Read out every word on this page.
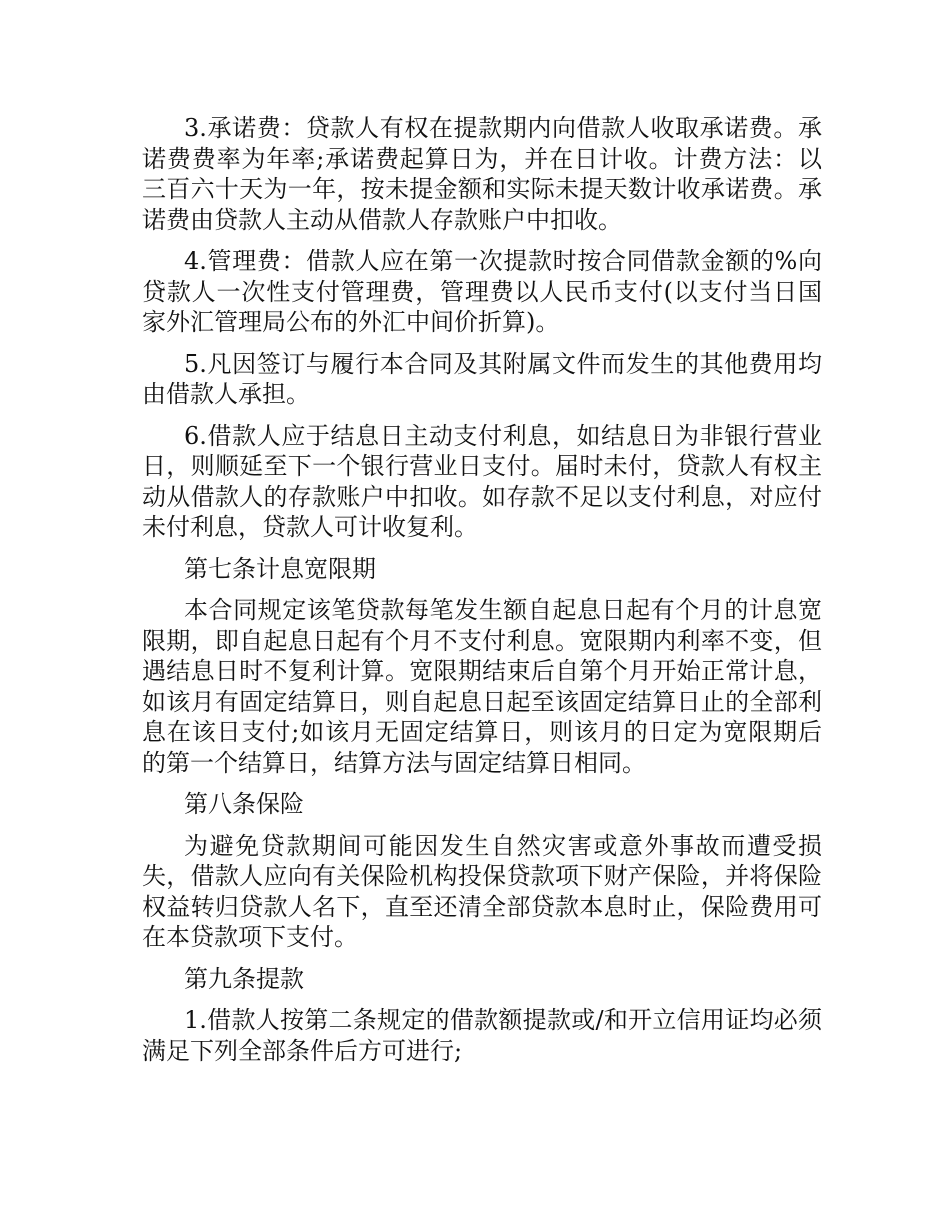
3.承诺费：贷款人有权在提款期内向借款人收取承诺费。承诺费费率为年率;承诺费起算日为，并在日计收。计费方法：以三百六十天为一年，按未提金额和实际未提天数计收承诺费。承诺费由贷款人主动从借款人存款账户中扣收。

4.管理费：借款人应在第一次提款时按合同借款金额的%向贷款人一次性支付管理费，管理费以人民币支付(以支付当日国家外汇管理局公布的外汇中间价折算)。

5.凡因签订与履行本合同及其附属文件而发生的其他费用均由借款人承担。

6.借款人应于结息日主动支付利息，如结息日为非银行营业日，则顺延至下一个银行营业日支付。届时未付，贷款人有权主动从借款人的存款账户中扣收。如存款不足以支付利息，对应付未付利息，贷款人可计收复利。

第七条计息宽限期

本合同规定该笔贷款每笔发生额自起息日起有个月的计息宽限期，即自起息日起有个月不支付利息。宽限期内利率不变，但遇结息日时不复利计算。宽限期结束后自第个月开始正常计息，如该月有固定结算日，则自起息日起至该固定结算日止的全部利息在该日支付;如该月无固定结算日，则该月的日定为宽限期后的第一个结算日，结算方法与固定结算日相同。

第八条保险

为避免贷款期间可能因发生自然灾害或意外事故而遭受损失，借款人应向有关保险机构投保贷款项下财产保险，并将保险权益转归贷款人名下，直至还清全部贷款本息时止，保险费用可在本贷款项下支付。

第九条提款

1.借款人按第二条规定的借款额提款或/和开立信用证均必须满足下列全部条件后方可进行;
